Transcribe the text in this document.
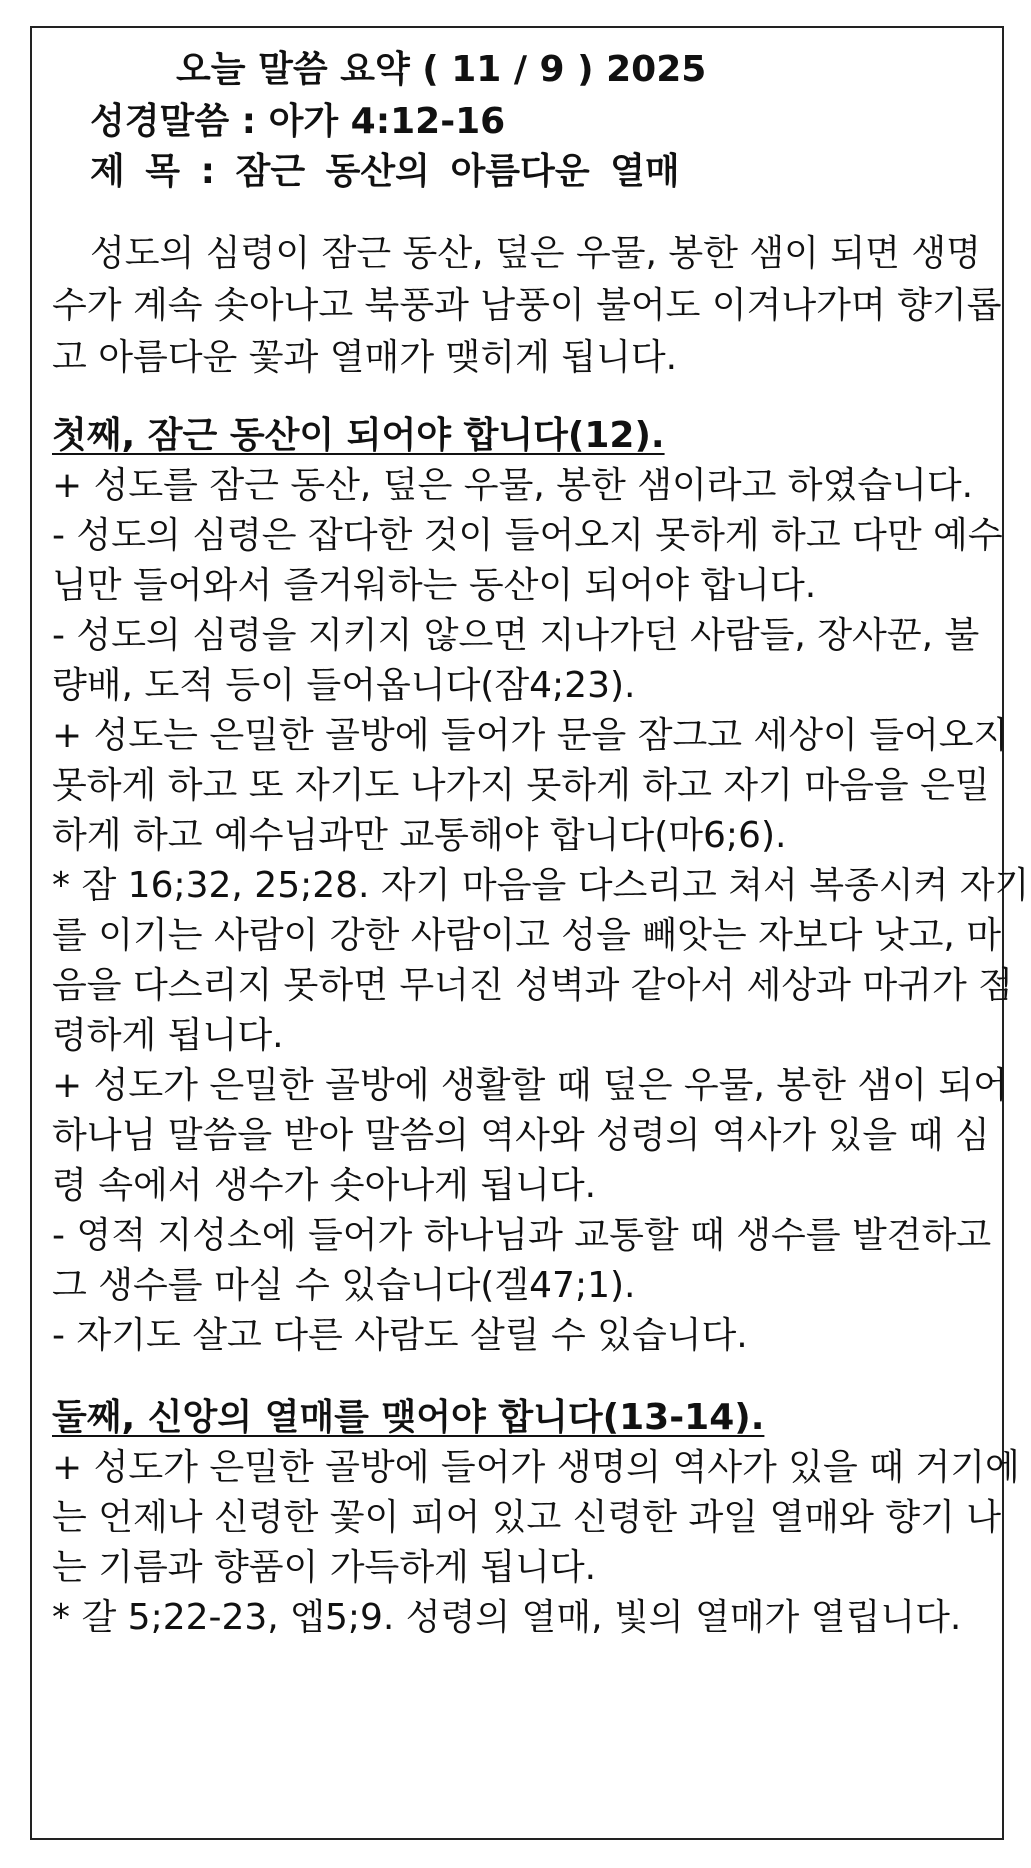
오늘 말씀 요약 ( 11 / 9 ) 2025
성경말씀 : 아가 4:12-16
제 목 : 잠근 동산의 아름다운 열매
성도의 심령이 잠근 동산, 덮은 우물, 봉한 샘이 되면 생명
수가 계속 솟아나고 북풍과 남풍이 불어도 이겨나가며 향기롭
고 아름다운 꽃과 열매가 맺히게 됩니다.
첫째, 잠근 동산이 되어야 합니다(12).
+ 성도를 잠근 동산, 덮은 우물, 봉한 샘이라고 하였습니다.
- 성도의 심령은 잡다한 것이 들어오지 못하게 하고 다만 예수
님만 들어와서 즐거워하는 동산이 되어야 합니다.
- 성도의 심령을 지키지 않으면 지나가던 사람들, 장사꾼, 불
량배, 도적 등이 들어옵니다(잠4;23).
+ 성도는 은밀한 골방에 들어가 문을 잠그고 세상이 들어오지
못하게 하고 또 자기도 나가지 못하게 하고 자기 마음을 은밀
하게 하고 예수님과만 교통해야 합니다(마6;6).
* 잠 16;32, 25;28. 자기 마음을 다스리고 쳐서 복종시켜 자기
를 이기는 사람이 강한 사람이고 성을 빼앗는 자보다 낫고, 마
음을 다스리지 못하면 무너진 성벽과 같아서 세상과 마귀가 점
령하게 됩니다.
+ 성도가 은밀한 골방에 생활할 때 덮은 우물, 봉한 샘이 되어
하나님 말씀을 받아 말씀의 역사와 성령의 역사가 있을 때 심
령 속에서 생수가 솟아나게 됩니다.
- 영적 지성소에 들어가 하나님과 교통할 때 생수를 발견하고
그 생수를 마실 수 있습니다(겔47;1).
- 자기도 살고 다른 사람도 살릴 수 있습니다.
둘째, 신앙의 열매를 맺어야 합니다(13-14).
+ 성도가 은밀한 골방에 들어가 생명의 역사가 있을 때 거기에
는 언제나 신령한 꽃이 피어 있고 신령한 과일 열매와 향기 나
는 기름과 향품이 가득하게 됩니다.
* 갈 5;22-23, 엡5;9. 성령의 열매, 빛의 열매가 열립니다.
